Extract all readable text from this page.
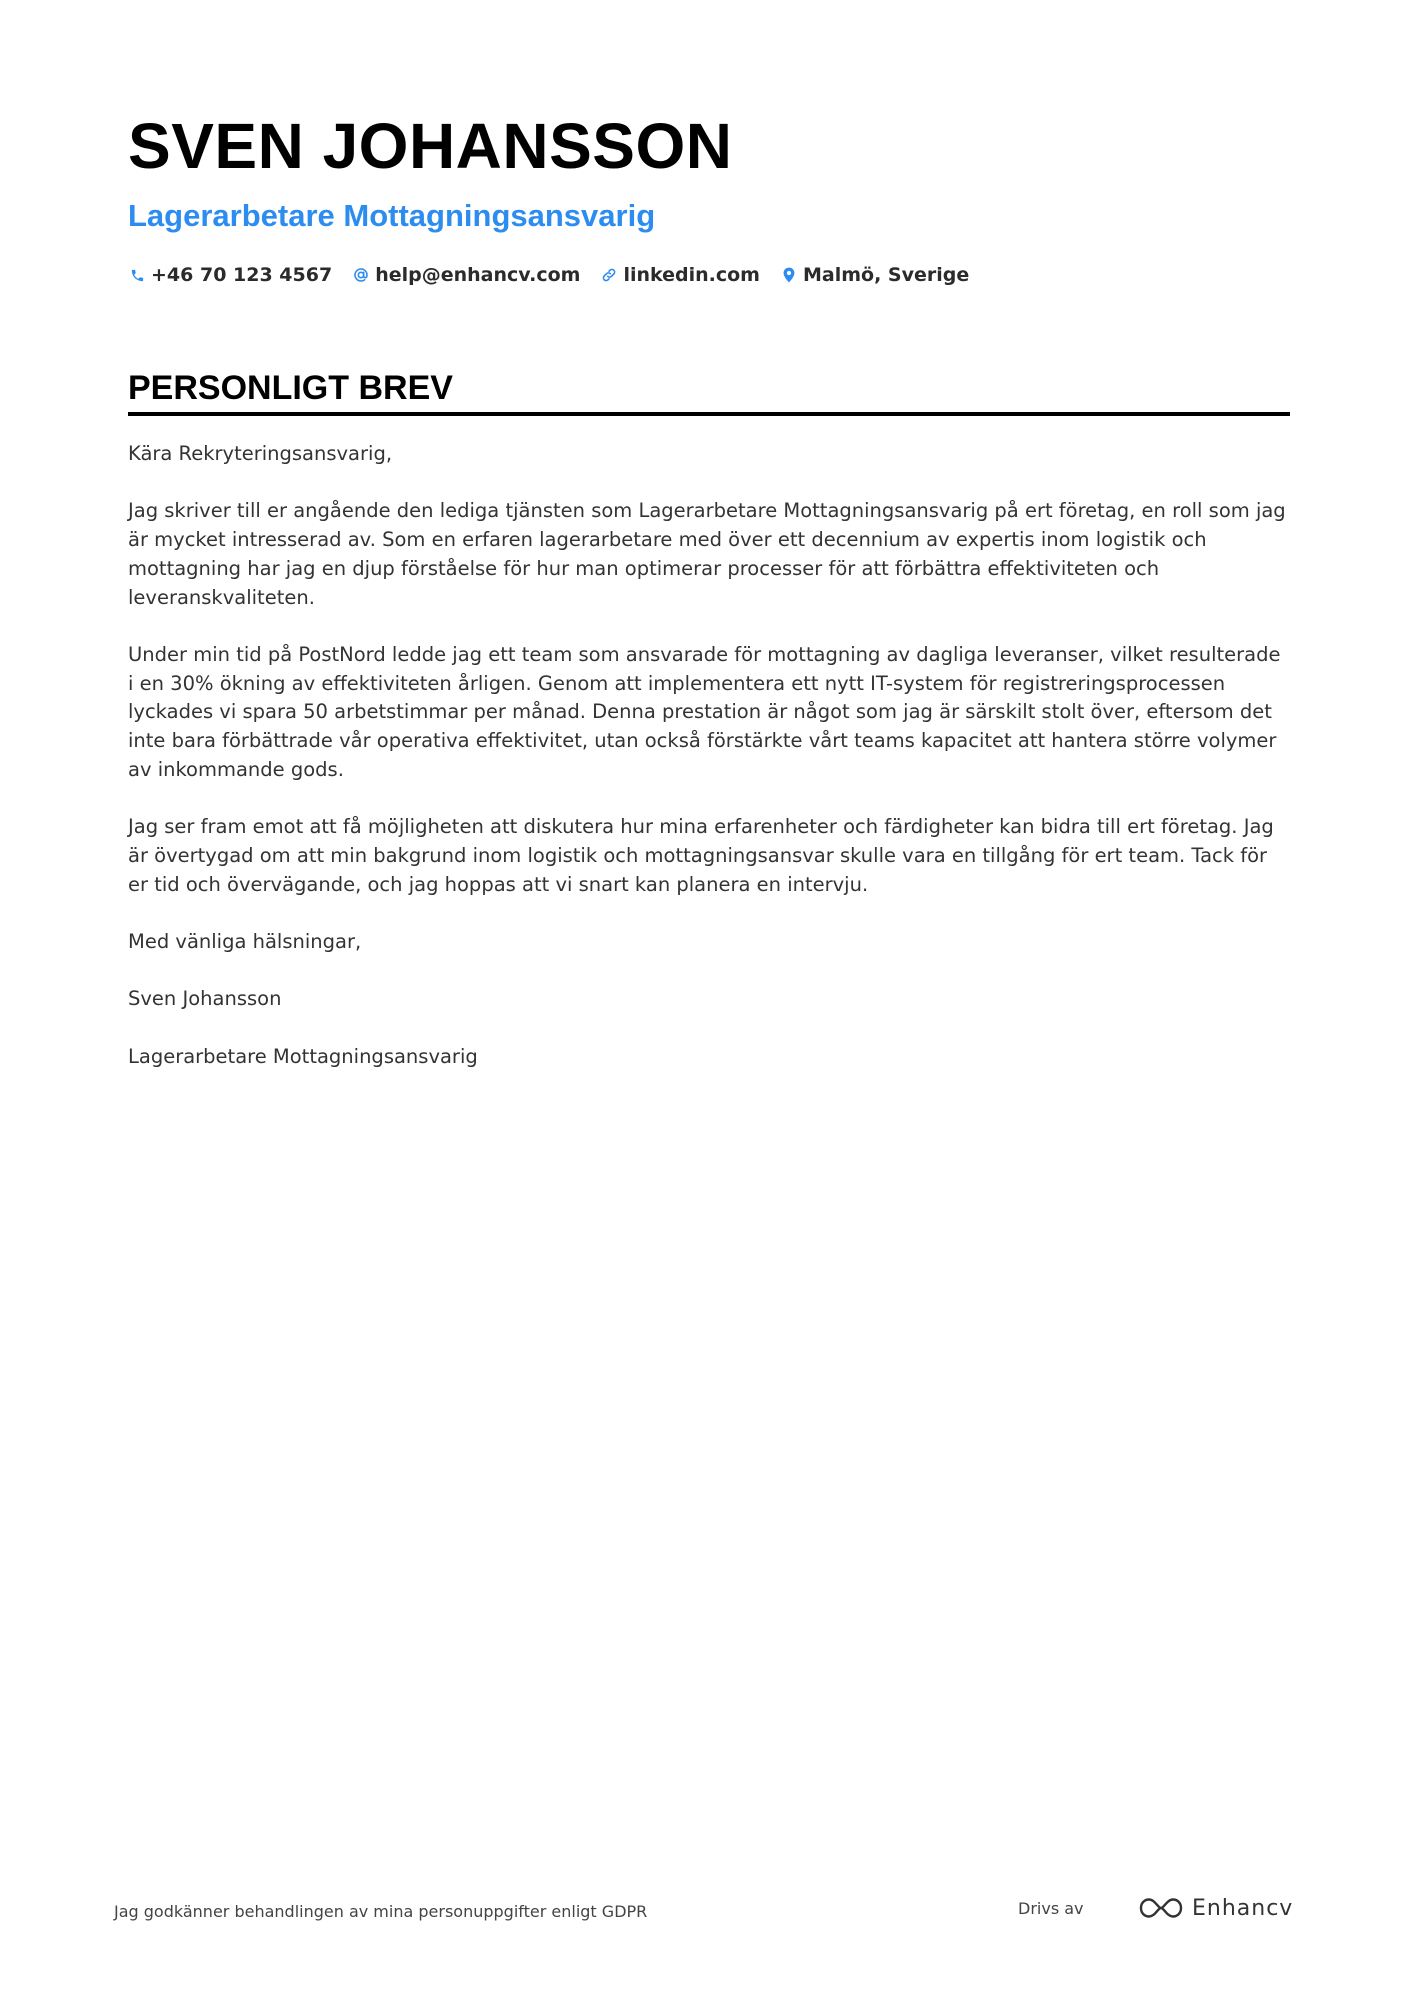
SVEN JOHANSSON
Lagerarbetare Mottagningsansvarig
+46 70 123 4567 help@enhancv.com linkedin.com Malmö, Sverige
PERSONLIGT BREV

Kära Rekryteringsansvarig,

Jag skriver till er angående den lediga tjänsten som Lagerarbetare Mottagningsansvarig på ert företag, en roll som jag är mycket intresserad av. Som en erfaren lagerarbetare med över ett decennium av expertis inom logistik och mottagning har jag en djup förståelse för hur man optimerar processer för att förbättra effektiviteten och leveranskvaliteten.

Under min tid på PostNord ledde jag ett team som ansvarade för mottagning av dagliga leveranser, vilket resulterade i en 30% ökning av effektiviteten årligen. Genom att implementera ett nytt IT-system för registreringsprocessen lyckades vi spara 50 arbetstimmar per månad. Denna prestation är något som jag är särskilt stolt över, eftersom det inte bara förbättrade vår operativa effektivitet, utan också förstärkte vårt teams kapacitet att hantera större volymer av inkommande gods.

Jag ser fram emot att få möjligheten att diskutera hur mina erfarenheter och färdigheter kan bidra till ert företag. Jag är övertygad om att min bakgrund inom logistik och mottagningsansvar skulle vara en tillgång för ert team. Tack för er tid och övervägande, och jag hoppas att vi snart kan planera en intervju.

Med vänliga hälsningar,

Sven Johansson

Lagerarbetare Mottagningsansvarig

Jag godkänner behandlingen av mina personuppgifter enligt GDPR	Drivs av	Enhancv
